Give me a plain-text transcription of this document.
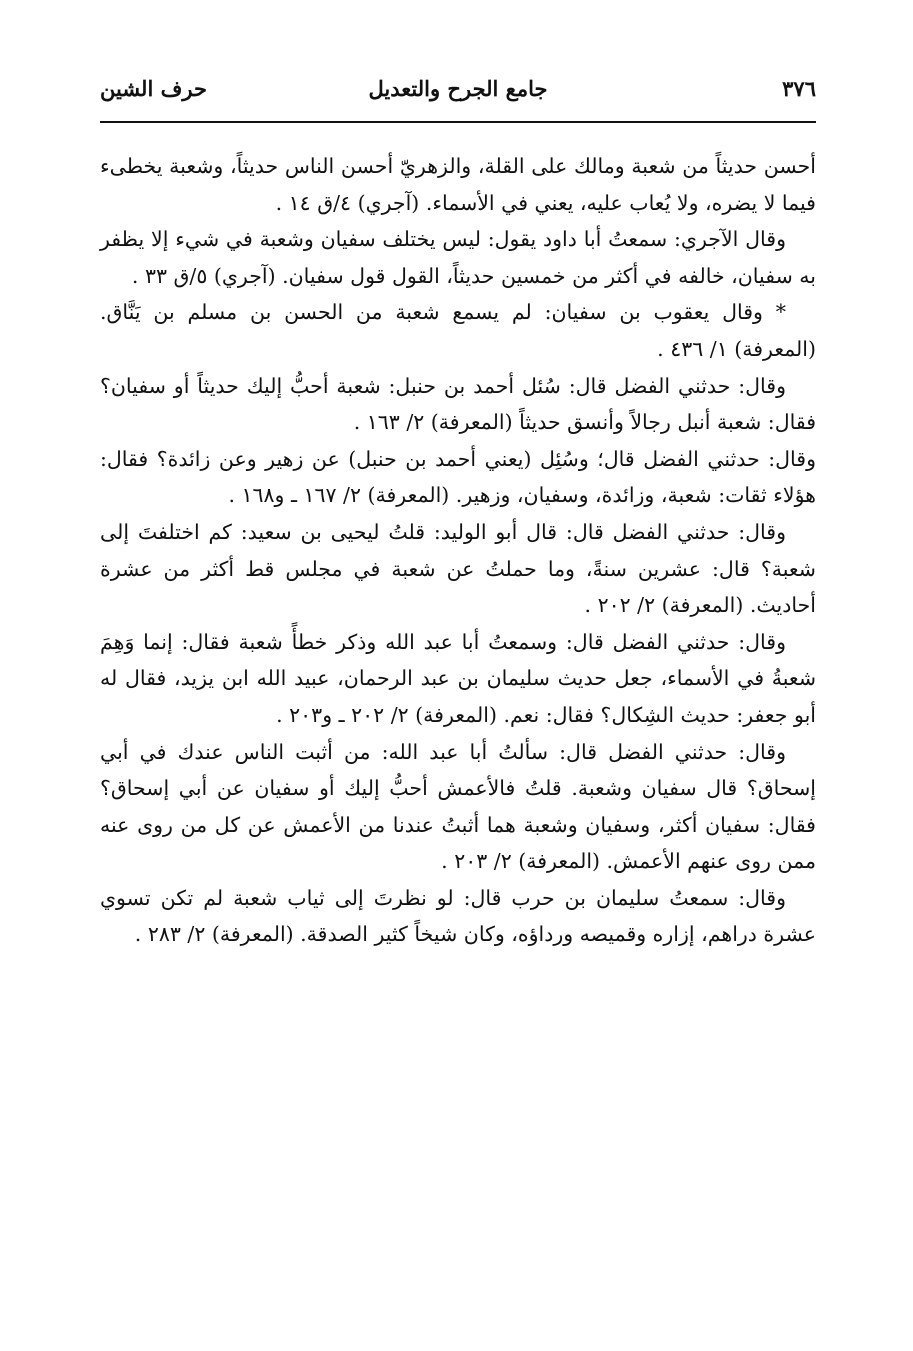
٣٧٦
جامع الجرح والتعديل
حرف الشين

أحسن حديثاً من شعبة ومالك على القلة، والزهريّ أحسن الناس حديثاً، وشعبة يخطىء فيما لا يضره، ولا يُعاب عليه، يعني في الأسماء. (آجري) ٤/ق ١٤ .

وقال الآجري: سمعتُ أبا داود يقول: ليس يختلف سفيان وشعبة في شيء إلا يظفر به سفيان، خالفه في أكثر من خمسين حديثاً، القول قول سفيان. (آجري) ٥/ق ٣٣ .

* وقال يعقوب بن سفيان: لم يسمع شعبة من الحسن بن مسلم بن يَنَّاق. (المعرفة) ١/ ٤٣٦ .

وقال: حدثني الفضل قال: سُئل أحمد بن حنبل: شعبة أحبُّ إليك حديثاً أو سفيان؟ فقال: شعبة أنبل رجالاً وأنسق حديثاً (المعرفة) ٢/ ١٦٣ .

وقال: حدثني الفضل قال؛ وسُئِل (يعني أحمد بن حنبل) عن زهير وعن زائدة؟ فقال: هؤلاء ثقات: شعبة، وزائدة، وسفيان، وزهير. (المعرفة) ٢/ ١٦٧ ـ و١٦٨ .

وقال: حدثني الفضل قال: قال أبو الوليد: قلتُ ليحيى بن سعيد: كم اختلفتَ إلى شعبة؟ قال: عشرين سنةً، وما حملتُ عن شعبة في مجلس قط أكثر من عشرة أحاديث. (المعرفة) ٢/ ٢٠٢ .

وقال: حدثني الفضل قال: وسمعتُ أبا عبد الله وذكر خطأً شعبة فقال: إنما وَهِمَ شعبةُ في الأسماء، جعل حديث سليمان بن عبد الرحمان، عبيد الله ابن يزيد، فقال له أبو جعفر: حديث الشِكال؟ فقال: نعم. (المعرفة) ٢/ ٢٠٢ ـ و٢٠٣ .

وقال: حدثني الفضل قال: سألتُ أبا عبد الله: من أثبت الناس عندك في أبي إسحاق؟ قال سفيان وشعبة. قلتُ فالأعمش أحبُّ إليك أو سفيان عن أبي إسحاق؟ فقال: سفيان أكثر، وسفيان وشعبة هما أثبتُ عندنا من الأعمش عن كل من روى عنه ممن روى عنهم الأعمش. (المعرفة) ٢/ ٢٠٣ .

وقال: سمعتُ سليمان بن حرب قال: لو نظرتَ إلى ثياب شعبة لم تكن تسوي عشرة دراهم، إزاره وقميصه ورداؤه، وكان شيخاً كثير الصدقة. (المعرفة) ٢/ ٢٨٣ .
